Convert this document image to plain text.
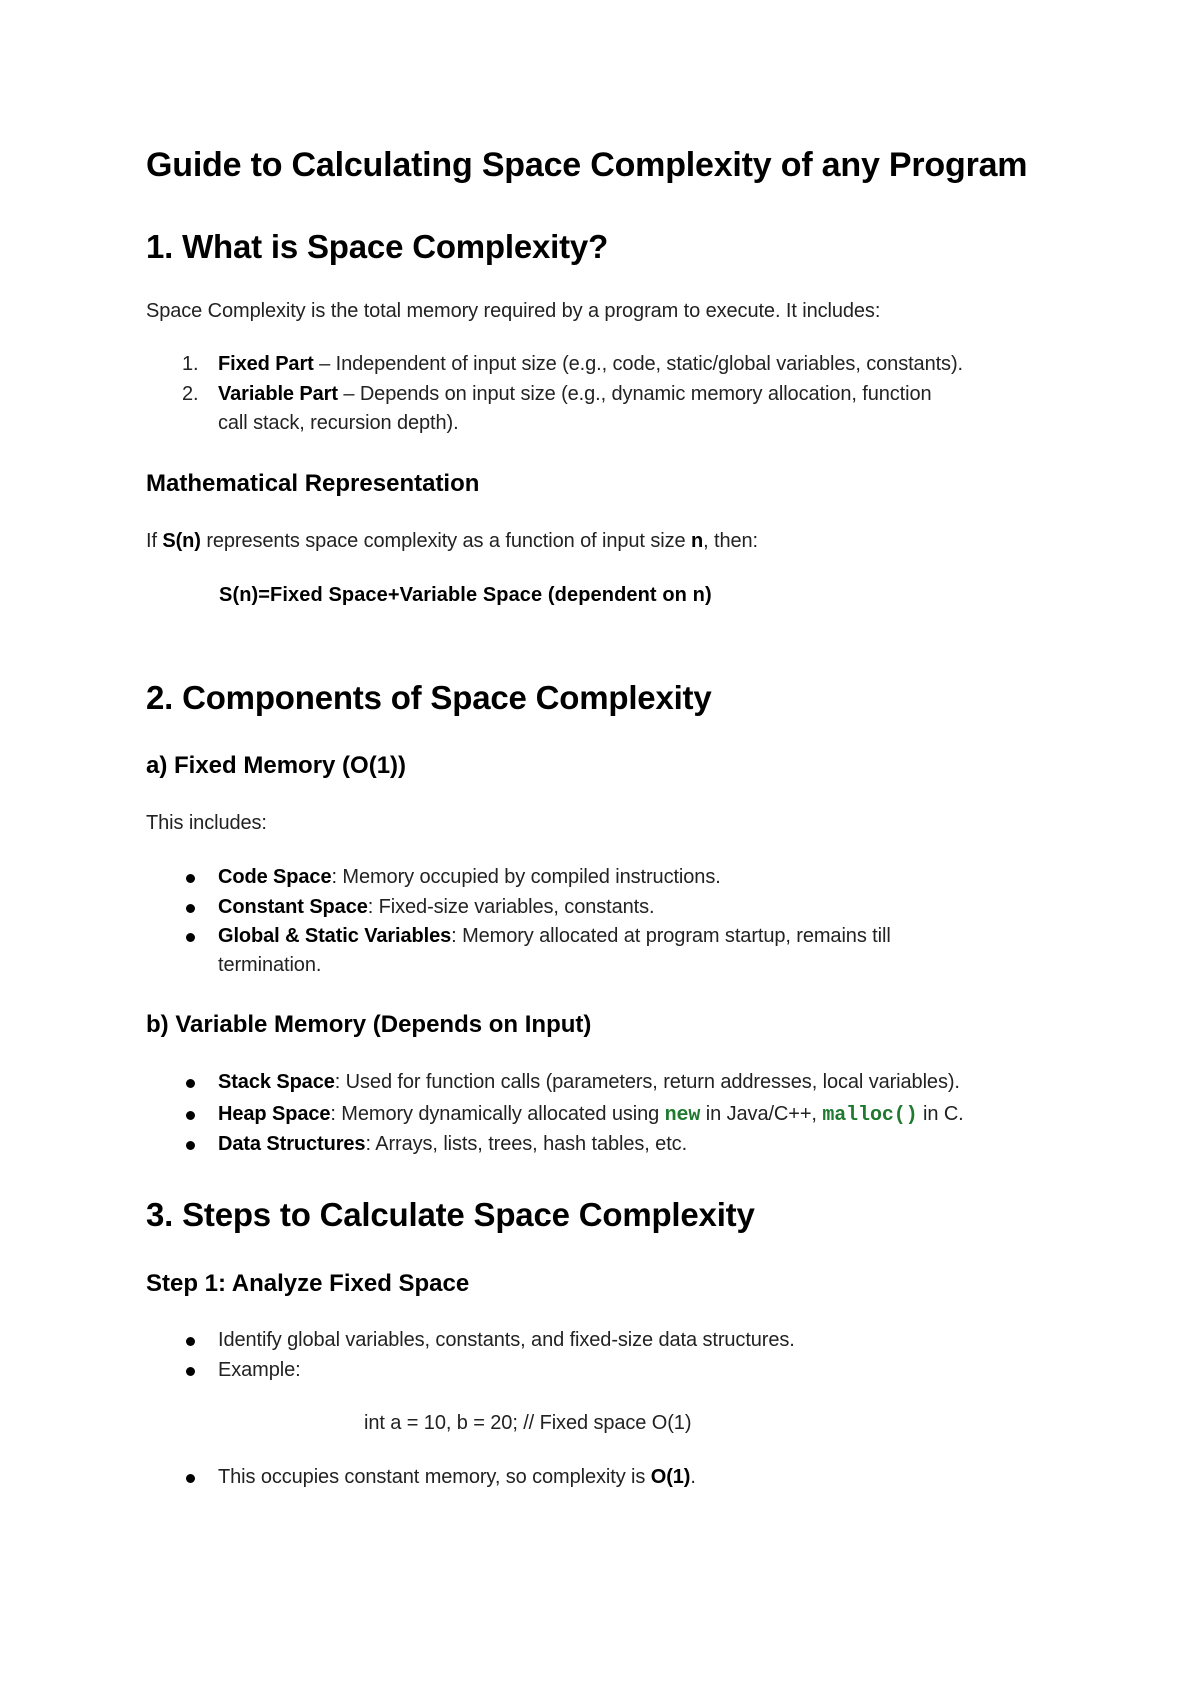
Guide to Calculating Space Complexity of any Program
1. What is Space Complexity?
Space Complexity is the total memory required by a program to execute. It includes:
1. Fixed Part – Independent of input size (e.g., code, static/global variables, constants).
2. Variable Part – Depends on input size (e.g., dynamic memory allocation, function
call stack, recursion depth).
Mathematical Representation
If S(n) represents space complexity as a function of input size n, then:
S(n)=Fixed Space+Variable Space (dependent on n)
2. Components of Space Complexity
a) Fixed Memory (O(1))
This includes:
Code Space: Memory occupied by compiled instructions.
Constant Space: Fixed-size variables, constants.
Global & Static Variables: Memory allocated at program startup, remains till
termination.
b) Variable Memory (Depends on Input)
Stack Space: Used for function calls (parameters, return addresses, local variables).
Heap Space: Memory dynamically allocated using new in Java/C++, malloc() in C.
Data Structures: Arrays, lists, trees, hash tables, etc.
3. Steps to Calculate Space Complexity
Step 1: Analyze Fixed Space
Identify global variables, constants, and fixed-size data structures.
Example:
int a = 10, b = 20; // Fixed space O(1)
This occupies constant memory, so complexity is O(1).
